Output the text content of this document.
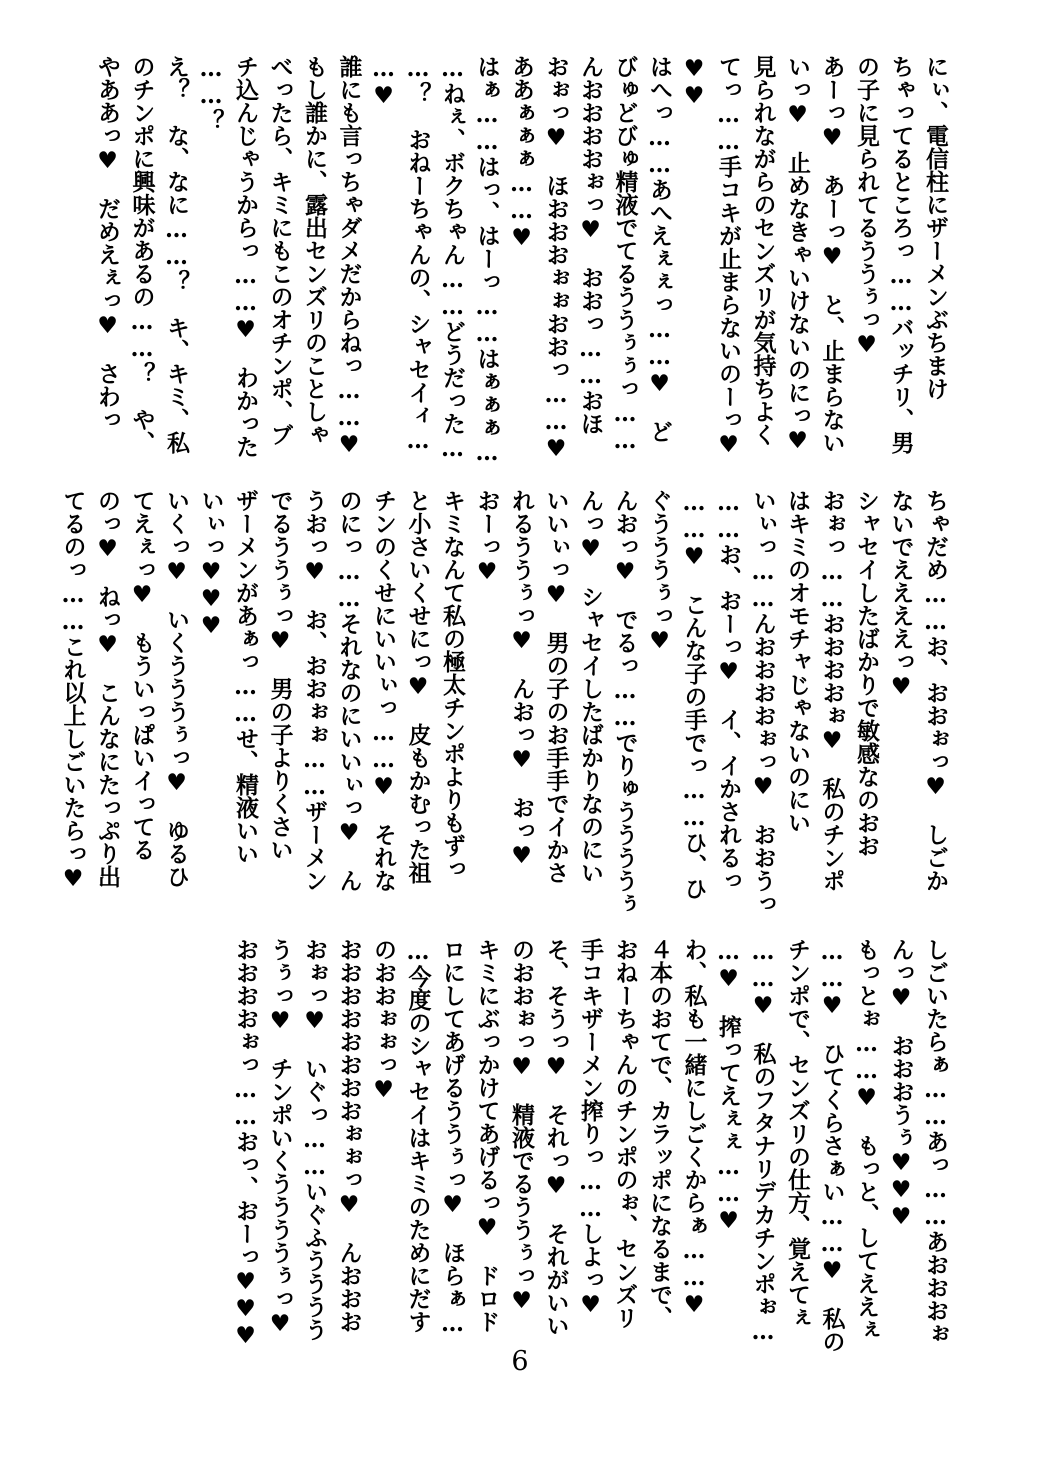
にぃ、電信柱にザーメンぶちまけ
ちゃってるところっ……バッチリ、男
の子に見られてるううぅっ♥
あーっ♥　あーっ♥　と、止まらない
いっ♥　止めなきゃいけないのにっ♥
見られながらのセンズリが気持ちよく
てっ……手コキが止まらないのーっ♥
♥♥
はへっ……あへえぇぇっ……♥　ど
びゅどびゅ精液でてるううぅぅっ……
んおおおおぉっ♥　おおっ……おほ
おぉっ♥　ほおおおぉぉおおっ……♥
ああぁぁぁ……♥
はぁ……はっ、はーっ……はぁぁぁ…
…ねぇ、ボクちゃん……どうだった…
…？　おねーちゃんの、シャセイィ…
…♥
誰にも言っちゃダメだからねっ……♥
もし誰かに、露出センズリのことしゃ
べったら、キミにもこのオチンポ、ブ
チ込んじゃうからっ……♥　わかった
……？
え？　な、なに……？　キ、キミ、私
のチンポに興味があるの……？　や、
やああっ♥　だめえぇっ♥　さわっ
ちゃだめ……お、おおぉっ♥　しごか
ないでええええっ♥
シャセイしたばかりで敏感なのおお
おぉっ……おおおおぉ♥　私のチンポ
はキミのオモチャじゃないのにい
いぃっ……んおおおおぉっ♥　おおうっ
……お、おーっ♥　イ、イかされるっ
……♥　こんな子の手でっ……ひ、ひ
ぐうううぅっ♥
んおっ♥　でるっ……でりゅううううぅ
んっ♥　シャセイしたばかりなのにい
いいぃっ♥　男の子のお手手でイかさ
れるううぅっ♥　んおっ♥　おっ♥
おーっ♥
キミなんて私の極太チンポよりもずっ
と小さいくせにっ♥　皮もかむった祖
チンのくせにいいぃっ……♥　それな
のにっ……それなのにいいぃっ♥　ん
うおっ♥　お、おおぉぉ……ザーメン
でるううぅっ♥　男の子よりくさい
ザーメンがあぁっ……せ、精液いい
いぃっ♥♥♥
いくっ♥　いくうううぅっ♥　ゆるひ
てえぇっ♥　もういっぱいイってる
のっ♥　ねっ♥　こんなにたっぷり出
てるのっ……これ以上しごいたらっ♥
しごいたらぁ……あっ……あおおおぉ
んっ♥　おおおうぅ♥♥♥
もっとぉ……♥　もっと、してええぇ
……♥　ひてくらさぁい……♥　私の
チンポで、センズリの仕方、覚えてぇ
……♥　私のフタナリデカチンポぉ…
…♥　搾ってえぇぇ……♥
わ、私も一緒にしごくからぁ……♥
４本のおてで、カラッポになるまで、
おねーちゃんのチンポのぉ、センズリ
手コキザーメン搾りっ……しよっ♥
そ、そうっ♥　それっ♥　それがいい
のおおぉっ♥　精液でるううぅっ♥
キミにぶっかけてあげるっ♥　ドロド
ロにしてあげるううぅっ♥　ほらぁ…
…今度のシャセイはキミのためにだす
のおおぉぉっ♥
おおおおおおおおぉぉっ♥　んおおお
おぉっ♥　いぐっ……いぐふうううう
うぅっ♥　チンポいくううううぅっ♥
おおおおぉっ……おっ、おーっ♥♥♥
6
